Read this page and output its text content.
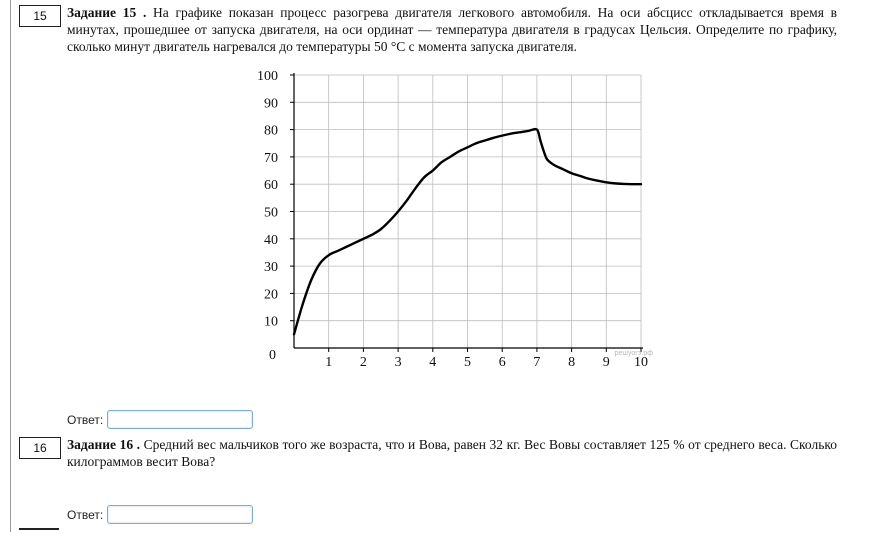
15	Задание 15 . На графике показан процесс разогрева двигателя легкового автомобиля. На оси абсцисс откладывается время в минутах, прошедшее от запуска двигателя, на оси ординат — температура двигателя в градусах Цельсия. Определите по графику, сколько минут двигатель нагревался до температуры 50 °C с момента запуска двигателя.
1 2 3 4 5 6 7 8 9 10
10
20
30
40
50
60
70
80
90
100
0	решуогэ.рф
Ответ:
16	Задание 16 . Средний вес мальчиков того же возраста, что и Вова, равен 32 кг. Вес Вовы составляет 125 % от среднего веса. Сколько килограммов весит Вова?
Ответ:
